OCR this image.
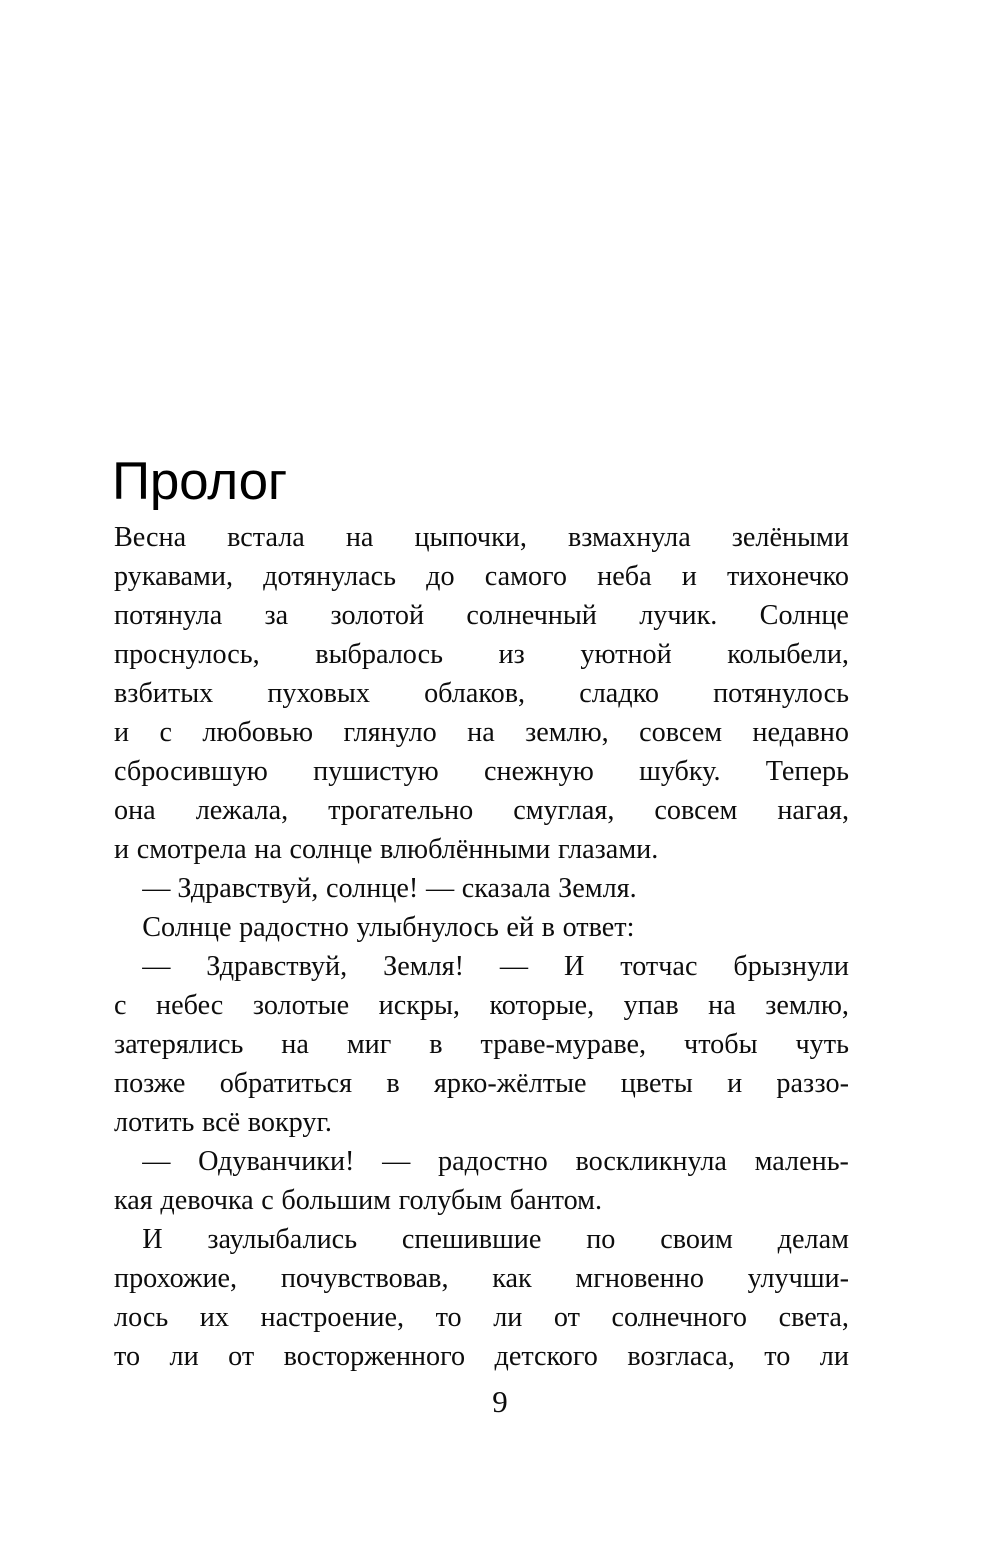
Пролог
Весна встала на цыпочки, взмахнула зелёными
рукавами, дотянулась до самого неба и тихонечко
потянула за золотой солнечный лучик. Солнце
проснулось, выбралось из уютной колыбели,
взбитых пуховых облаков, сладко потянулось
и с любовью глянуло на землю, совсем недавно
сбросившую пушистую снежную шубку. Теперь
она лежала, трогательно смуглая, совсем нагая,
и смотрела на солнце влюблёнными глазами.
— Здравствуй, солнце! — сказала Земля.
Солнце радостно улыбнулось ей в ответ:
— Здравствуй, Земля! — И тотчас брызнули
с небес золотые искры, которые, упав на землю,
затерялись на миг в траве-мураве, чтобы чуть
позже обратиться в ярко-жёлтые цветы и раззо-
лотить всё вокруг.
— Одуванчики! — радостно воскликнула малень-
кая девочка с большим голубым бантом.
И заулыбались спешившие по своим делам
прохожие, почувствовав, как мгновенно улучши-
лось их настроение, то ли от солнечного света,
то ли от восторженного детского возгласа, то ли
9
